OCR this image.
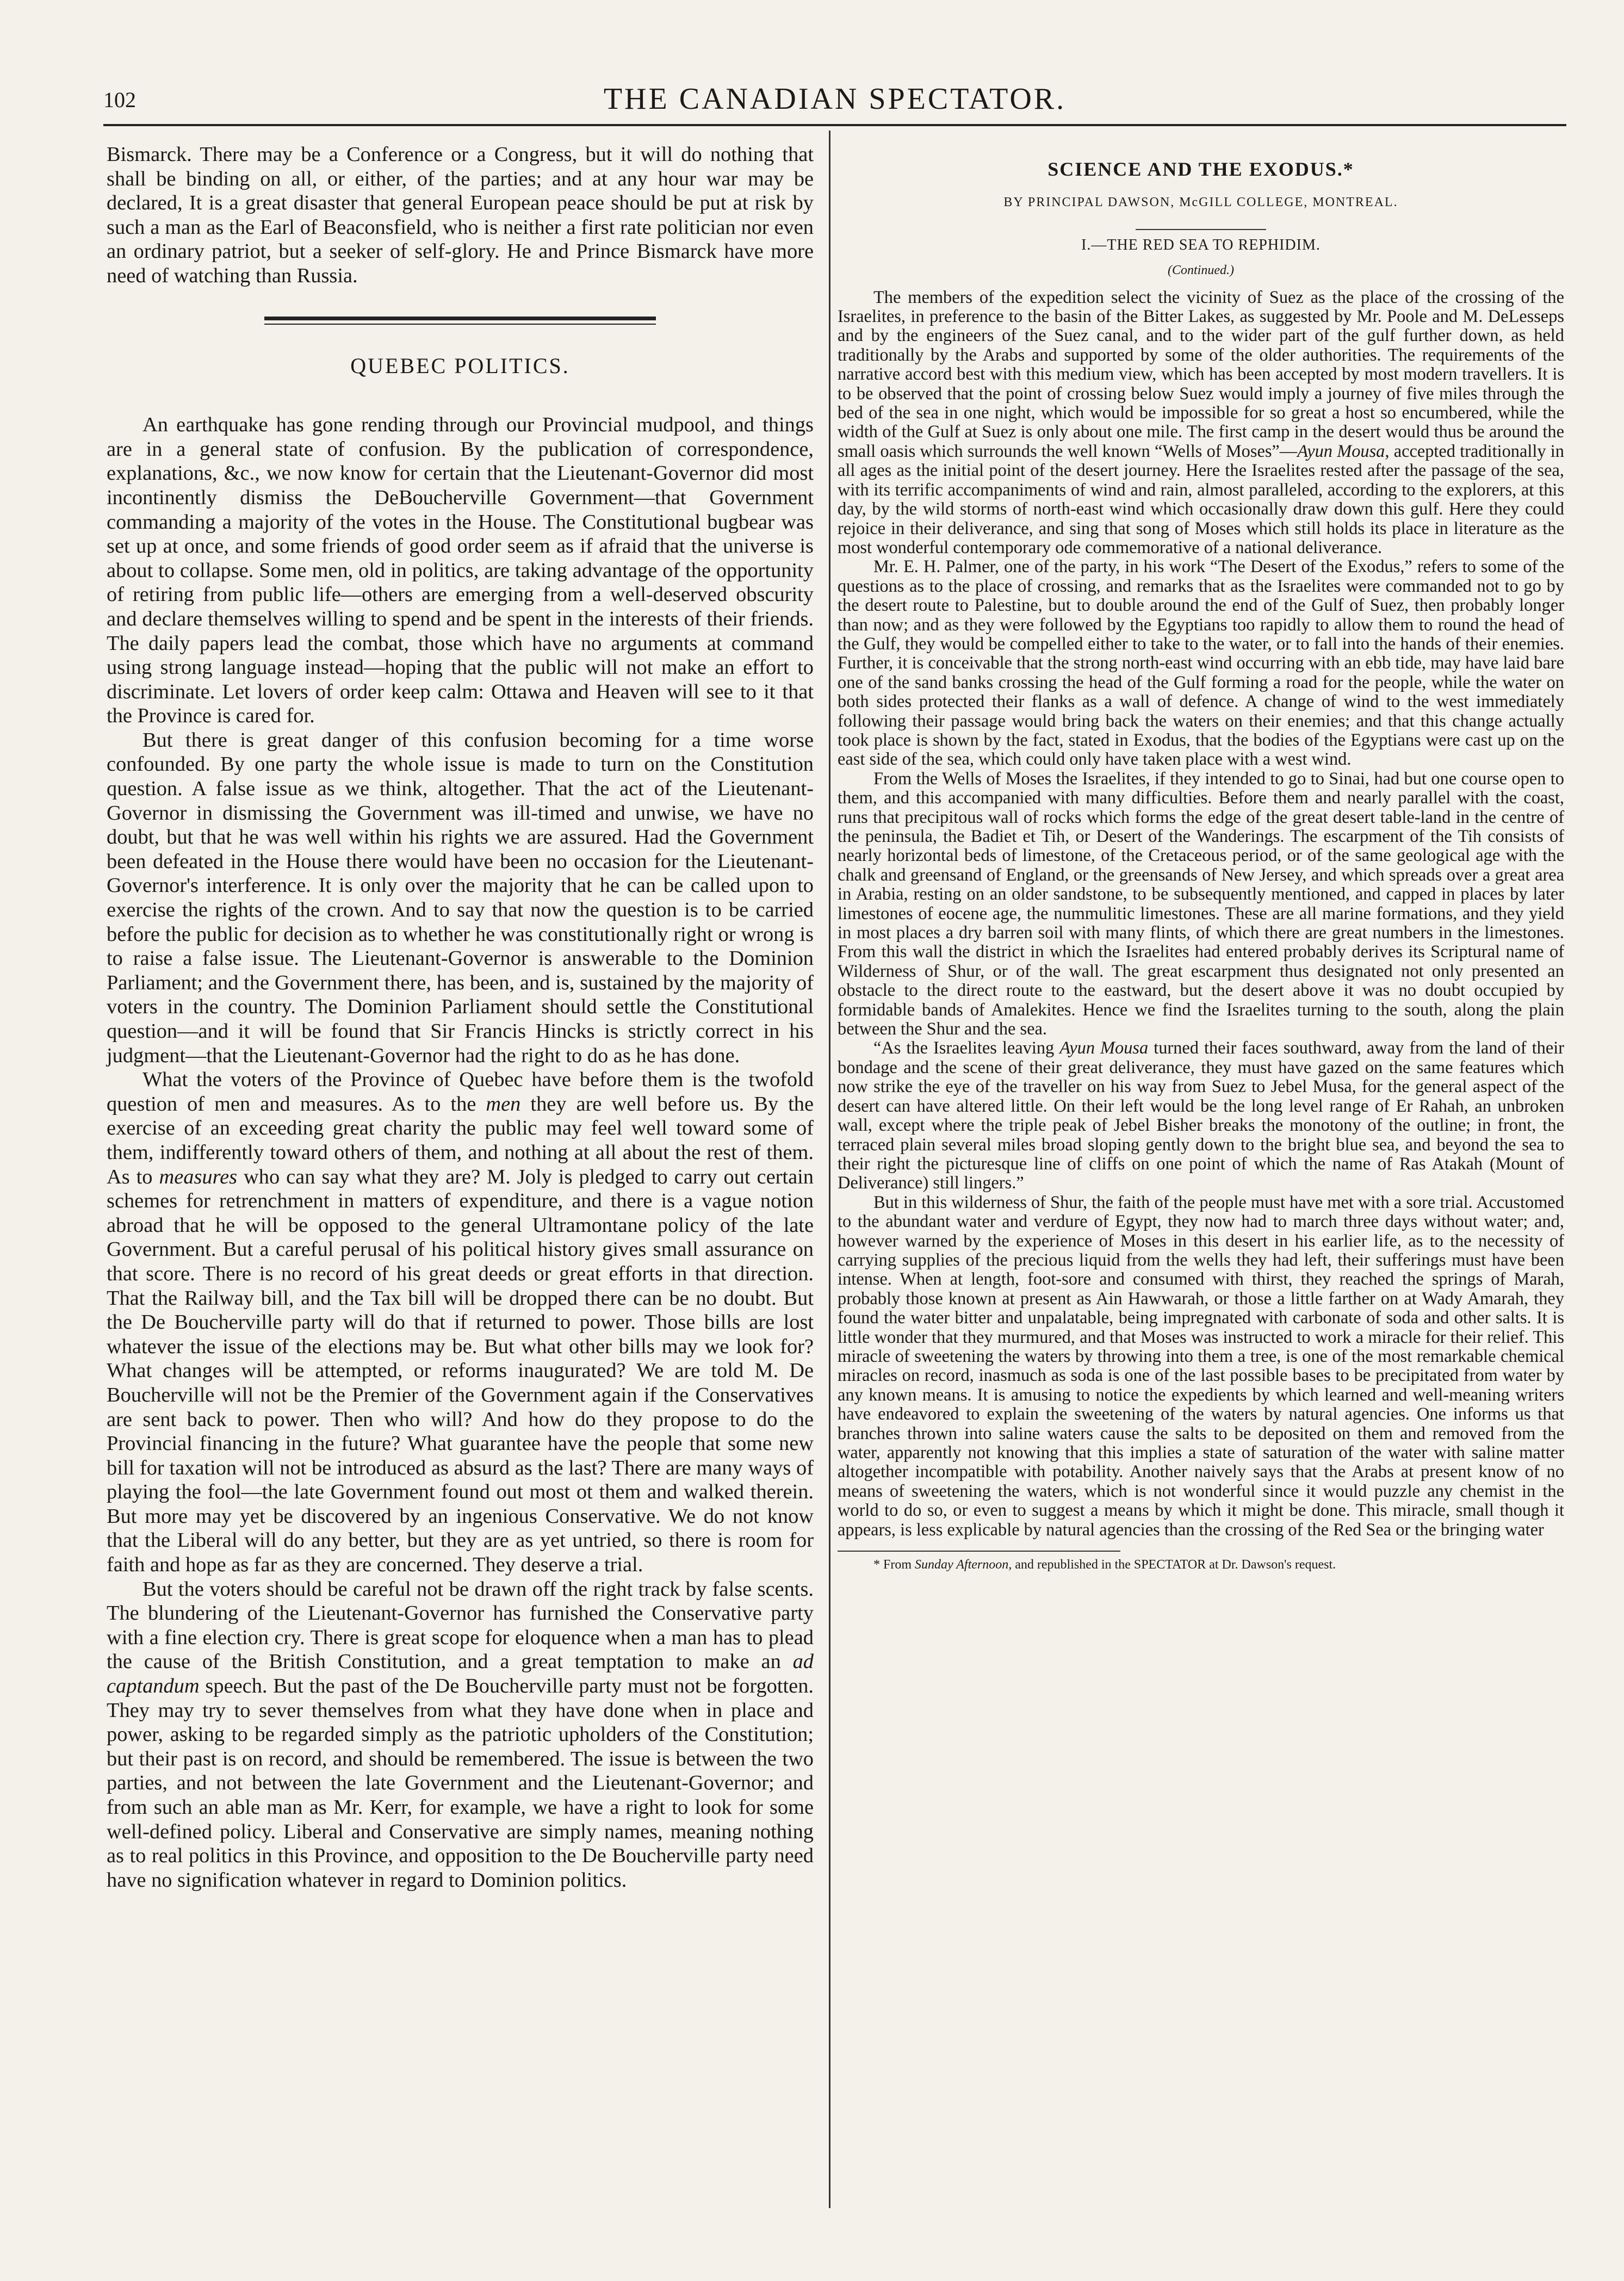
102	THE CANADIAN SPECTATOR.

Bismarck. There may be a Conference or a Congress, but it will do nothing that shall be binding on all, or either, of the parties; and at any hour war may be declared, It is a great disaster that general European peace should be put at risk by such a man as the Earl of Beaconsfield, who is neither a first rate politician nor even an ordinary patriot, but a seeker of self-glory. He and Prince Bismarck have more need of watching than Russia.

QUEBEC POLITICS.

An earthquake has gone rending through our Provincial mudpool, and things are in a general state of confusion. By the publication of correspondence, explanations, &c., we now know for certain that the Lieutenant-Governor did most incontinently dismiss the DeBoucherville Government—that Government commanding a majority of the votes in the House. The Constitutional bugbear was set up at once, and some friends of good order seem as if afraid that the universe is about to collapse. Some men, old in politics, are taking advantage of the opportunity of retiring from public life—others are emerging from a well-deserved obscurity and declare themselves willing to spend and be spent in the interests of their friends. The daily papers lead the combat, those which have no arguments at command using strong language instead—hoping that the public will not make an effort to discriminate. Let lovers of order keep calm: Ottawa and Heaven will see to it that the Province is cared for.

But there is great danger of this confusion becoming for a time worse confounded. By one party the whole issue is made to turn on the Constitution question. A false issue as we think, altogether. That the act of the Lieutenant-Governor in dismissing the Government was ill-timed and unwise, we have no doubt, but that he was well within his rights we are assured. Had the Government been defeated in the House there would have been no occasion for the Lieutenant-Governor's interference. It is only over the majority that he can be called upon to exercise the rights of the crown. And to say that now the question is to be carried before the public for decision as to whether he was constitutionally right or wrong is to raise a false issue. The Lieutenant-Governor is answerable to the Dominion Parliament; and the Government there, has been, and is, sustained by the majority of voters in the country. The Dominion Parliament should settle the Constitutional question—and it will be found that Sir Francis Hincks is strictly correct in his judgment—that the Lieutenant-Governor had the right to do as he has done.

What the voters of the Province of Quebec have before them is the twofold question of men and measures. As to the men they are well before us. By the exercise of an exceeding great charity the public may feel well toward some of them, indifferently toward others of them, and nothing at all about the rest of them. As to measures who can say what they are? M. Joly is pledged to carry out certain schemes for retrenchment in matters of expenditure, and there is a vague notion abroad that he will be opposed to the general Ultramontane policy of the late Government. But a careful perusal of his political history gives small assurance on that score. There is no record of his great deeds or great efforts in that direction. That the Railway bill, and the Tax bill will be dropped there can be no doubt. But the De Boucherville party will do that if returned to power. Those bills are lost whatever the issue of the elections may be. But what other bills may we look for? What changes will be attempted, or reforms inaugurated? We are told M. De Boucherville will not be the Premier of the Government again if the Conservatives are sent back to power. Then who will? And how do they propose to do the Provincial financing in the future? What guarantee have the people that some new bill for taxation will not be introduced as absurd as the last? There are many ways of playing the fool—the late Government found out most ot them and walked therein. But more may yet be discovered by an ingenious Conservative. We do not know that the Liberal will do any better, but they are as yet untried, so there is room for faith and hope as far as they are concerned. They deserve a trial.

But the voters should be careful not be drawn off the right track by false scents. The blundering of the Lieutenant-Governor has furnished the Conservative party with a fine election cry. There is great scope for eloquence when a man has to plead the cause of the British Constitution, and a great temptation to make an ad captandum speech. But the past of the De Boucherville party must not be forgotten. They may try to sever themselves from what they have done when in place and power, asking to be regarded simply as the patriotic upholders of the Constitution; but their past is on record, and should be remembered. The issue is between the two parties, and not between the late Government and the Lieutenant-Governor; and from such an able man as Mr. Kerr, for example, we have a right to look for some well-defined policy. Liberal and Conservative are simply names, meaning nothing as to real politics in this Province, and opposition to the De Boucherville party need have no signification whatever in regard to Dominion politics.

SCIENCE AND THE EXODUS.*
BY PRINCIPAL DAWSON, McGILL COLLEGE, MONTREAL.
I.—THE RED SEA TO REPHIDIM.
(Continued.)

The members of the expedition select the vicinity of Suez as the place of the crossing of the Israelites, in preference to the basin of the Bitter Lakes, as suggested by Mr. Poole and M. DeLesseps and by the engineers of the Suez canal, and to the wider part of the gulf further down, as held traditionally by the Arabs and supported by some of the older authorities. The requirements of the narrative accord best with this medium view, which has been accepted by most modern travellers. It is to be observed that the point of crossing below Suez would imply a journey of five miles through the bed of the sea in one night, which would be impossible for so great a host so encumbered, while the width of the Gulf at Suez is only about one mile. The first camp in the desert would thus be around the small oasis which surrounds the well known “Wells of Moses”—Ayun Mousa, accepted traditionally in all ages as the initial point of the desert journey. Here the Israelites rested after the passage of the sea, with its terrific accompaniments of wind and rain, almost paralleled, according to the explorers, at this day, by the wild storms of north-east wind which occasionally draw down this gulf. Here they could rejoice in their deliverance, and sing that song of Moses which still holds its place in literature as the most wonderful contemporary ode commemorative of a national deliverance.

Mr. E. H. Palmer, one of the party, in his work “The Desert of the Exodus,” refers to some of the questions as to the place of crossing, and remarks that as the Israelites were commanded not to go by the desert route to Palestine, but to double around the end of the Gulf of Suez, then probably longer than now; and as they were followed by the Egyptians too rapidly to allow them to round the head of the Gulf, they would be compelled either to take to the water, or to fall into the hands of their enemies. Further, it is conceivable that the strong north-east wind occurring with an ebb tide, may have laid bare one of the sand banks crossing the head of the Gulf forming a road for the people, while the water on both sides protected their flanks as a wall of defence. A change of wind to the west immediately following their passage would bring back the waters on their enemies; and that this change actually took place is shown by the fact, stated in Exodus, that the bodies of the Egyptians were cast up on the east side of the sea, which could only have taken place with a west wind.

From the Wells of Moses the Israelites, if they intended to go to Sinai, had but one course open to them, and this accompanied with many difficulties. Before them and nearly parallel with the coast, runs that precipitous wall of rocks which forms the edge of the great desert table-land in the centre of the peninsula, the Badiet et Tih, or Desert of the Wanderings. The escarpment of the Tih consists of nearly horizontal beds of limestone, of the Cretaceous period, or of the same geological age with the chalk and greensand of England, or the greensands of New Jersey, and which spreads over a great area in Arabia, resting on an older sandstone, to be subsequently mentioned, and capped in places by later limestones of eocene age, the nummulitic limestones. These are all marine formations, and they yield in most places a dry barren soil with many flints, of which there are great numbers in the limestones. From this wall the district in which the Israelites had entered probably derives its Scriptural name of Wilderness of Shur, or of the wall. The great escarpment thus designated not only presented an obstacle to the direct route to the eastward, but the desert above it was no doubt occupied by formidable bands of Amalekites. Hence we find the Israelites turning to the south, along the plain between the Shur and the sea.

“As the Israelites leaving Ayun Mousa turned their faces southward, away from the land of their bondage and the scene of their great deliverance, they must have gazed on the same features which now strike the eye of the traveller on his way from Suez to Jebel Musa, for the general aspect of the desert can have altered little. On their left would be the long level range of Er Rahah, an unbroken wall, except where the triple peak of Jebel Bisher breaks the monotony of the outline; in front, the terraced plain several miles broad sloping gently down to the bright blue sea, and beyond the sea to their right the picturesque line of cliffs on one point of which the name of Ras Atakah (Mount of Deliverance) still lingers.”

But in this wilderness of Shur, the faith of the people must have met with a sore trial. Accustomed to the abundant water and verdure of Egypt, they now had to march three days without water; and, however warned by the experience of Moses in this desert in his earlier life, as to the necessity of carrying supplies of the precious liquid from the wells they had left, their sufferings must have been intense. When at length, foot-sore and consumed with thirst, they reached the springs of Marah, probably those known at present as Ain Hawwarah, or those a little farther on at Wady Amarah, they found the water bitter and unpalatable, being impregnated with carbonate of soda and other salts. It is little wonder that they murmured, and that Moses was instructed to work a miracle for their relief. This miracle of sweetening the waters by throwing into them a tree, is one of the most remarkable chemical miracles on record, inasmuch as soda is one of the last possible bases to be precipitated from water by any known means. It is amusing to notice the expedients by which learned and well-meaning writers have endeavored to explain the sweetening of the waters by natural agencies. One informs us that branches thrown into saline waters cause the salts to be deposited on them and removed from the water, apparently not knowing that this implies a state of saturation of the water with saline matter altogether incompatible with potability. Another naively says that the Arabs at present know of no means of sweetening the waters, which is not wonderful since it would puzzle any chemist in the world to do so, or even to suggest a means by which it might be done. This miracle, small though it appears, is less explicable by natural agencies than the crossing of the Red Sea or the bringing water

* From Sunday Afternoon, and republished in the SPECTATOR at Dr. Dawson's request.
